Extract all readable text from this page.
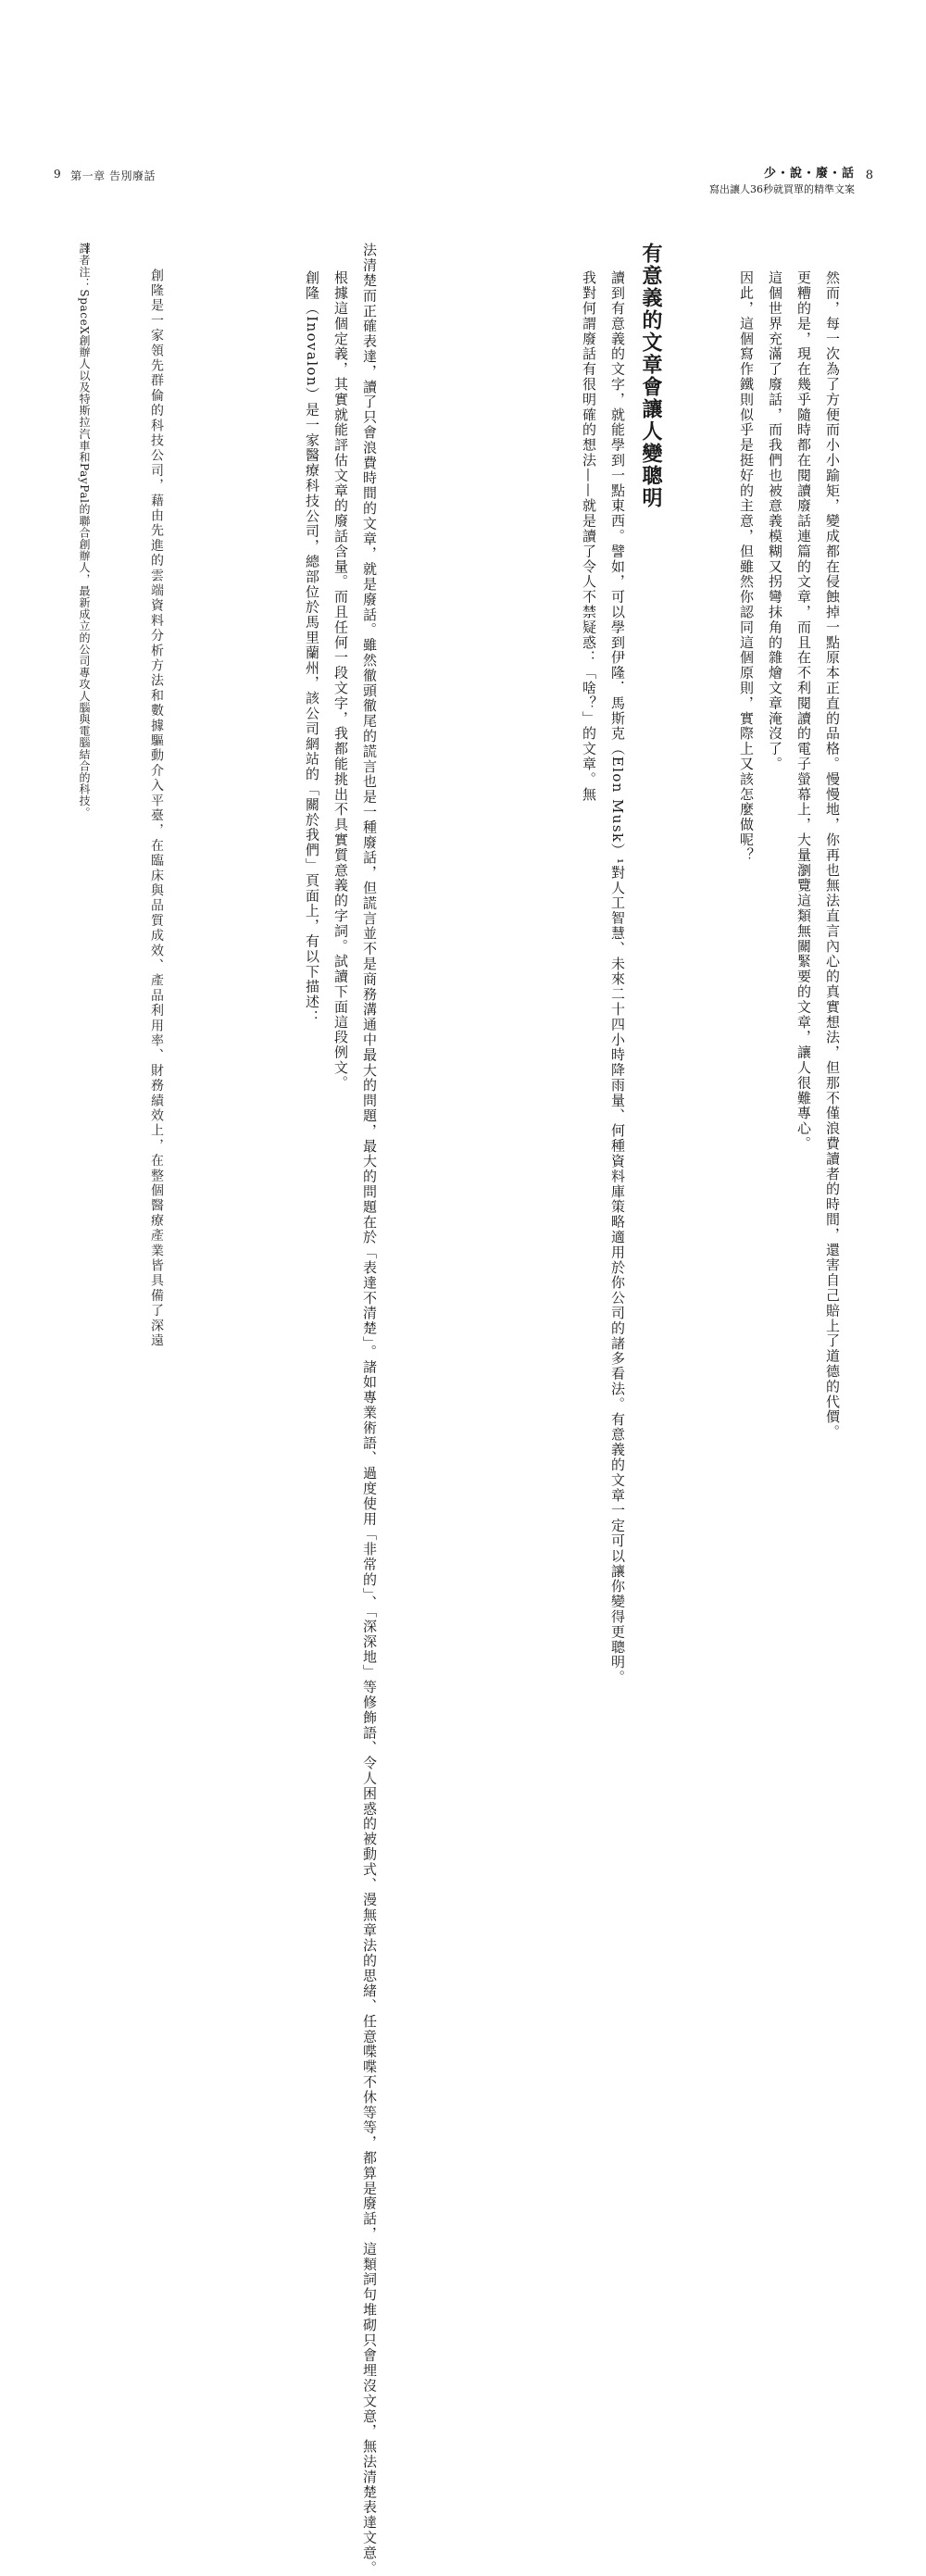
9 第一章 告別廢話	少・說・廢・話
寫出讓人36秒就買單的精準文案
8

然而，每一次為了方便而小小踰矩，變成都在侵蝕掉一點原本正直的品格。慢慢地，你再也無法直言內心的真實想法，但那不僅浪費讀者的時間，還害自己賠上了道德的代價。

更糟的是，現在幾乎隨時都在閱讀廢話連篇的文章，而且在不利閱讀的電子螢幕上，大量瀏覽這類無關緊要的文章，讓人很難專心。

這個世界充滿了廢話，而我們也被意義模糊又拐彎抹角的雜燴文章淹沒了。

因此，這個寫作鐵則似乎是挺好的主意，但雖然你認同這個原則，實際上又該怎麼做呢？

有意義的文章會讓人變聰明

讀到有意義的文字，就能學到一點東西。譬如，可以學到伊隆．馬斯克（Elon Musk）¹對人工智慧、未來二十四小時降雨量、何種資料庫策略適用於你公司的諸多看法。有意義的文章一定可以讓你變得更聰明。

我對何謂廢話有很明確的想法——就是讀了令人不禁疑惑：「啥？」的文章。無

法清楚而正確表達，讀了只會浪費時間的文章，就是廢話。雖然徹頭徹尾的謊言也是一種廢話，但謊言並不是商務溝通中最大的問題，最大的問題在於「表達不清楚」。諸如專業術語、過度使用「非常的」、「深深地」等修飾語、令人困惑的被動式、漫無章法的思緒、任意喋喋不休等等，都算是廢話，這類詞句堆砌只會埋沒文意，無法清楚表達文意。

根據這個定義，其實就能評估文章的廢話含量。而且任何一段文字，我都能挑出不具實質意義的字詞。試讀下面這段例文。

創隆（Inovalon）是一家醫療科技公司，總部位於馬里蘭州，該公司網站的「關於我們」頁面上，有以下描述：

創隆是一家領先群倫的科技公司，藉由先進的雲端資料分析方法和數據驅動介入平臺，在臨床與品質成效、產品利用率、財務績效上，在整個醫療產業皆具備了深遠

譯者注：SpaceX創辦人以及特斯拉汽車和PayPal的聯合創辦人，最新成立的公司專攻人腦與電腦結合的科技。
